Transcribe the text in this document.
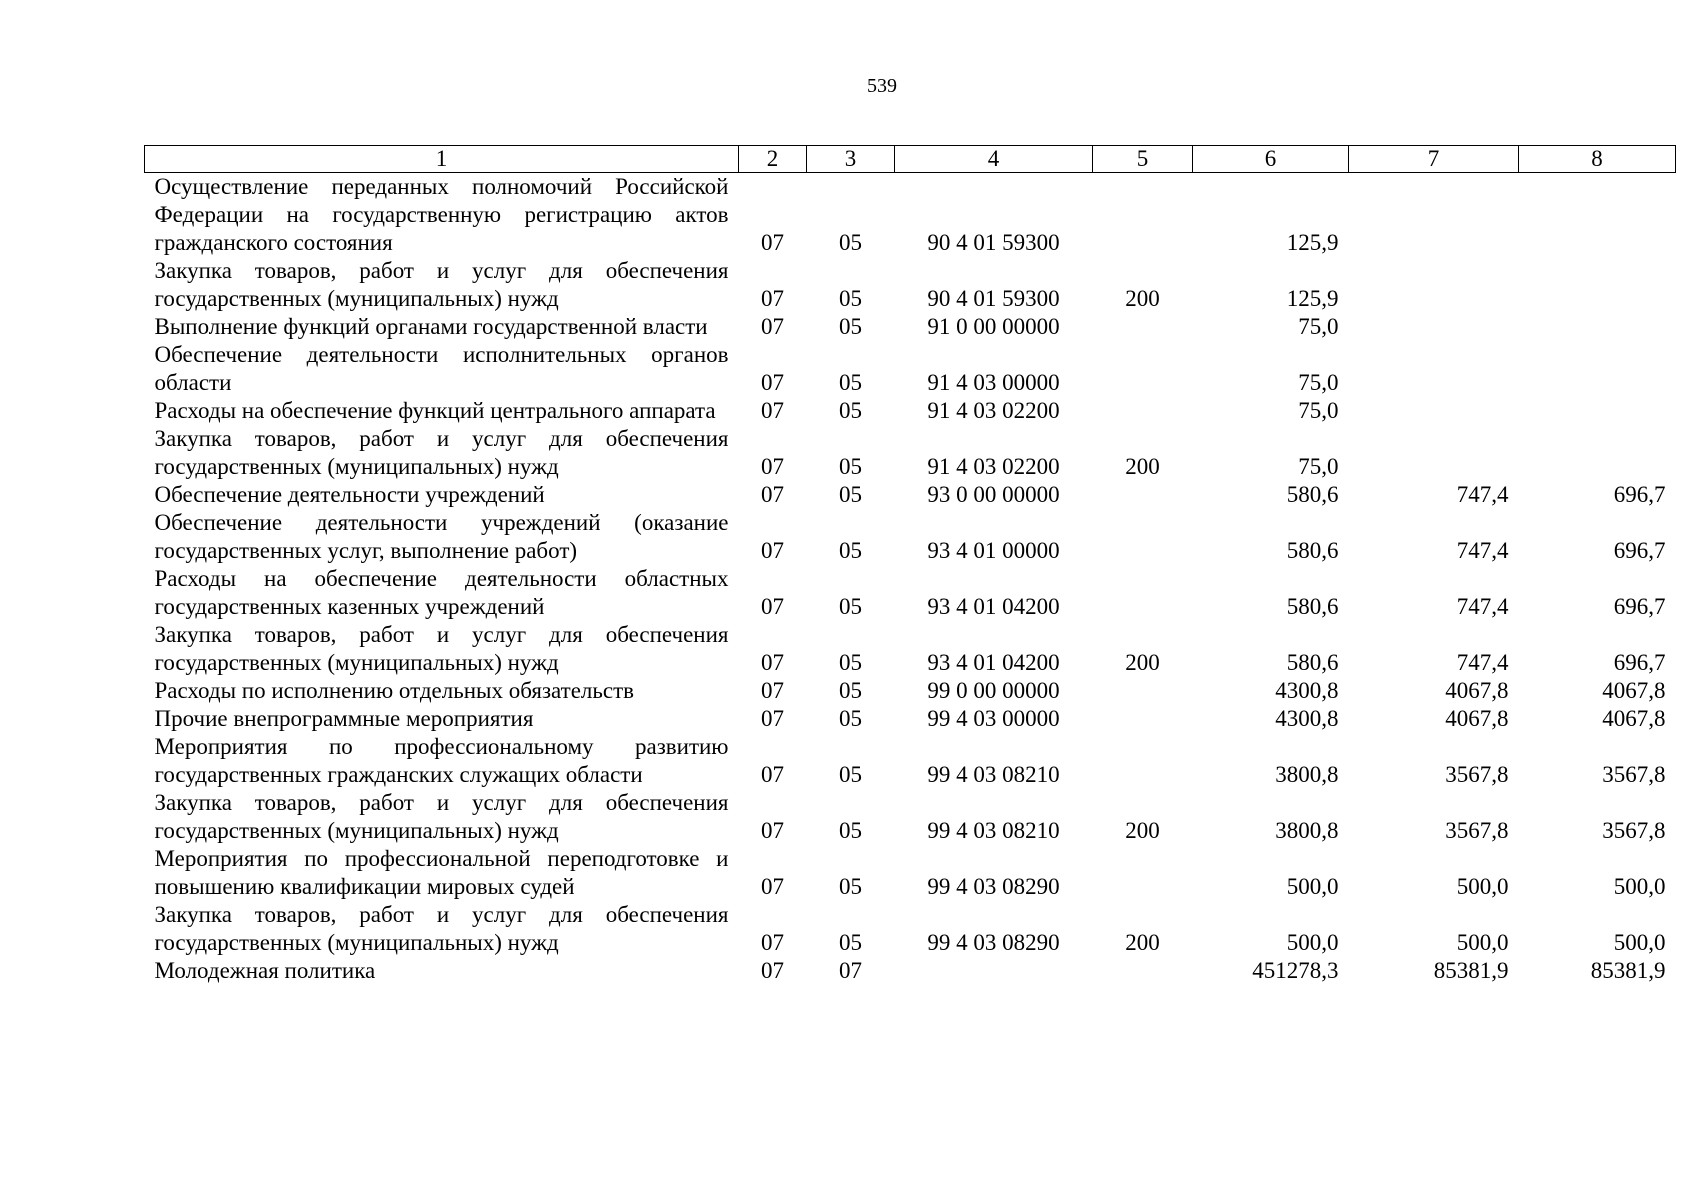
539
1	2	3	4	5	6	7	8
Осуществление переданных полномочий Российской Федерации на государственную регистрацию актов гражданского состояния	07	05	90 4 01 59300		125,9		
Закупка товаров, работ и услуг для обеспечения государственных (муниципальных) нужд	07	05	90 4 01 59300	200	125,9		
Выполнение функций органами государственной власти	07	05	91 0 00 00000		75,0		
Обеспечение деятельности исполнительных органов области	07	05	91 4 03 00000		75,0		
Расходы на обеспечение функций центрального аппарата	07	05	91 4 03 02200		75,0		
Закупка товаров, работ и услуг для обеспечения государственных (муниципальных) нужд	07	05	91 4 03 02200	200	75,0		
Обеспечение деятельности учреждений	07	05	93 0 00 00000		580,6	747,4	696,7
Обеспечение деятельности учреждений (оказание государственных услуг, выполнение работ)	07	05	93 4 01 00000		580,6	747,4	696,7
Расходы на обеспечение деятельности областных государственных казенных учреждений	07	05	93 4 01 04200		580,6	747,4	696,7
Закупка товаров, работ и услуг для обеспечения государственных (муниципальных) нужд	07	05	93 4 01 04200	200	580,6	747,4	696,7
Расходы по исполнению отдельных обязательств	07	05	99 0 00 00000		4300,8	4067,8	4067,8
Прочие внепрограммные мероприятия	07	05	99 4 03 00000		4300,8	4067,8	4067,8
Мероприятия по профессиональному развитию государственных гражданских служащих области	07	05	99 4 03 08210		3800,8	3567,8	3567,8
Закупка товаров, работ и услуг для обеспечения государственных (муниципальных) нужд	07	05	99 4 03 08210	200	3800,8	3567,8	3567,8
Мероприятия по профессиональной переподготовке и повышению квалификации мировых судей	07	05	99 4 03 08290		500,0	500,0	500,0
Закупка товаров, работ и услуг для обеспечения государственных (муниципальных) нужд	07	05	99 4 03 08290	200	500,0	500,0	500,0
Молодежная политика	07	07			451278,3	85381,9	85381,9
